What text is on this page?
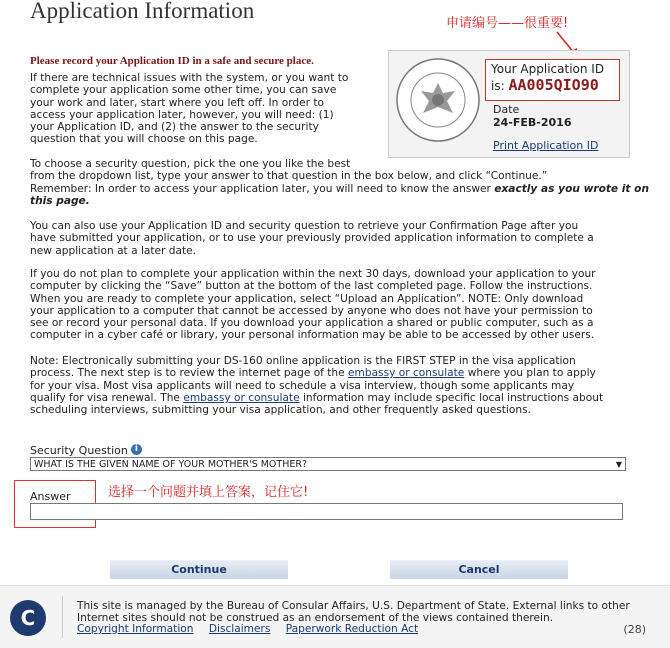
Application Information
申请编号——很重要!
Please record your Application ID in a safe and secure place.
If there are technical issues with the system, or you want to
complete your application some other time, you can save
your work and later, start where you left off. In order to
access your application later, however, you will need: (1)
your Application ID, and (2) the answer to the security
question that you will choose on this page.
To choose a security question, pick the one you like the best
from the dropdown list, type your answer to that question in the box below, and click “Continue.”
Remember: In order to access your application later, you will need to know the answer exactly as you wrote it on this page.
You can also use your Application ID and security question to retrieve your Confirmation Page after you
have submitted your application, or to use your previously provided application information to complete a
new application at a later date.
If you do not plan to complete your application within the next 30 days, download your application to your
computer by clicking the “Save” button at the bottom of the last completed page. Follow the instructions.
When you are ready to complete your application, select “Upload an Application”. NOTE: Only download
your application to a computer that cannot be accessed by anyone who does not have your permission to
see or record your personal data. If you download your application a shared or public computer, such as a
computer in a cyber café or library, your personal information may be able to be accessed by other users.
Note: Electronically submitting your DS-160 online application is the FIRST STEP in the visa application
process. The next step is to review the internet page of the embassy or consulate where you plan to apply
for your visa. Most visa applicants will need to schedule a visa interview, though some applicants may
qualify for visa renewal. The embassy or consulate information may include specific local instructions about
scheduling interviews, submitting your visa application, and other frequently asked questions.
Your Application ID
is: AA005QIO90
Date
24-FEB-2016
Print Application ID
Security Question i
WHAT IS THE GIVEN NAME OF YOUR MOTHER'S MOTHER?	▼
选择一个问题并填上答案，记住它!
Answer
Continue	Cancel
C	This site is managed by the Bureau of Consular Affairs, U.S. Department of State. External links to other Internet sites should not be construed as an endorsement of the views contained therein.
Copyright Information Disclaimers Paperwork Reduction Act	(28)
